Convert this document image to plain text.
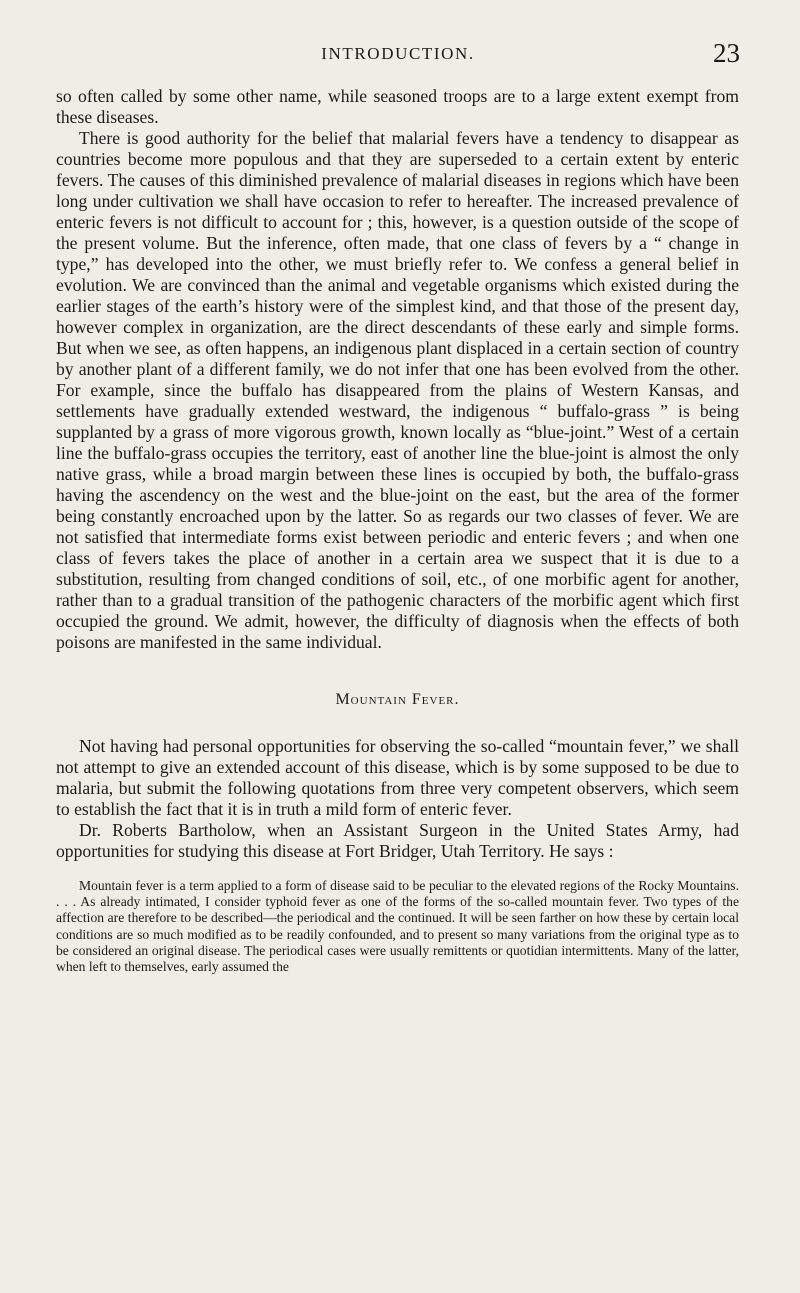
INTRODUCTION.	23

so often called by some other name, while seasoned troops are to a large extent exempt from these diseases.

There is good authority for the belief that malarial fevers have a tendency to disappear as countries become more populous and that they are superseded to a certain extent by enteric fevers. The causes of this diminished prevalence of malarial diseases in regions which have been long under cultivation we shall have occasion to refer to hereafter. The increased prevalence of enteric fevers is not difficult to account for ; this, however, is a question outside of the scope of the present volume. But the inference, often made, that one class of fevers by a “ change in type,” has developed into the other, we must briefly refer to. We confess a general belief in evolution. We are convinced than the animal and vegetable organisms which existed during the earlier stages of the earth’s history were of the simplest kind, and that those of the present day, however complex in organization, are the direct descendants of these early and simple forms. But when we see, as often happens, an indigenous plant displaced in a certain section of country by another plant of a different family, we do not infer that one has been evolved from the other. For example, since the buffalo has disappeared from the plains of Western Kansas, and settlements have gradually extended westward, the indigenous “ buffalo-grass ” is being supplanted by a grass of more vigorous growth, known locally as “blue-joint.” West of a certain line the buffalo-grass occupies the territory, east of another line the blue-joint is almost the only native grass, while a broad margin between these lines is occupied by both, the buffalo-grass having the ascendency on the west and the blue-joint on the east, but the area of the former being constantly encroached upon by the latter. So as regards our two classes of fever. We are not satisfied that intermediate forms exist between periodic and enteric fevers ; and when one class of fevers takes the place of another in a certain area we suspect that it is due to a substitution, resulting from changed conditions of soil, etc., of one morbific agent for another, rather than to a gradual transition of the pathogenic characters of the morbific agent which first occupied the ground. We admit, however, the difficulty of diagnosis when the effects of both poisons are manifested in the same individual.

Mountain Fever.

Not having had personal opportunities for observing the so-called “mountain fever,” we shall not attempt to give an extended account of this disease, which is by some supposed to be due to malaria, but submit the following quotations from three very competent observers, which seem to establish the fact that it is in truth a mild form of enteric fever.

Dr. Roberts Bartholow, when an Assistant Surgeon in the United States Army, had opportunities for studying this disease at Fort Bridger, Utah Territory. He says :

Mountain fever is a term applied to a form of disease said to be peculiar to the elevated regions of the Rocky Mountains. . . . As already intimated, I consider typhoid fever as one of the forms of the so-called mountain fever. Two types of the affection are therefore to be described—the periodical and the continued. It will be seen farther on how these by certain local conditions are so much modified as to be readily confounded, and to present so many variations from the original type as to be considered an original disease. The periodical cases were usually remittents or quotidian intermittents. Many of the latter, when left to themselves, early assumed the
